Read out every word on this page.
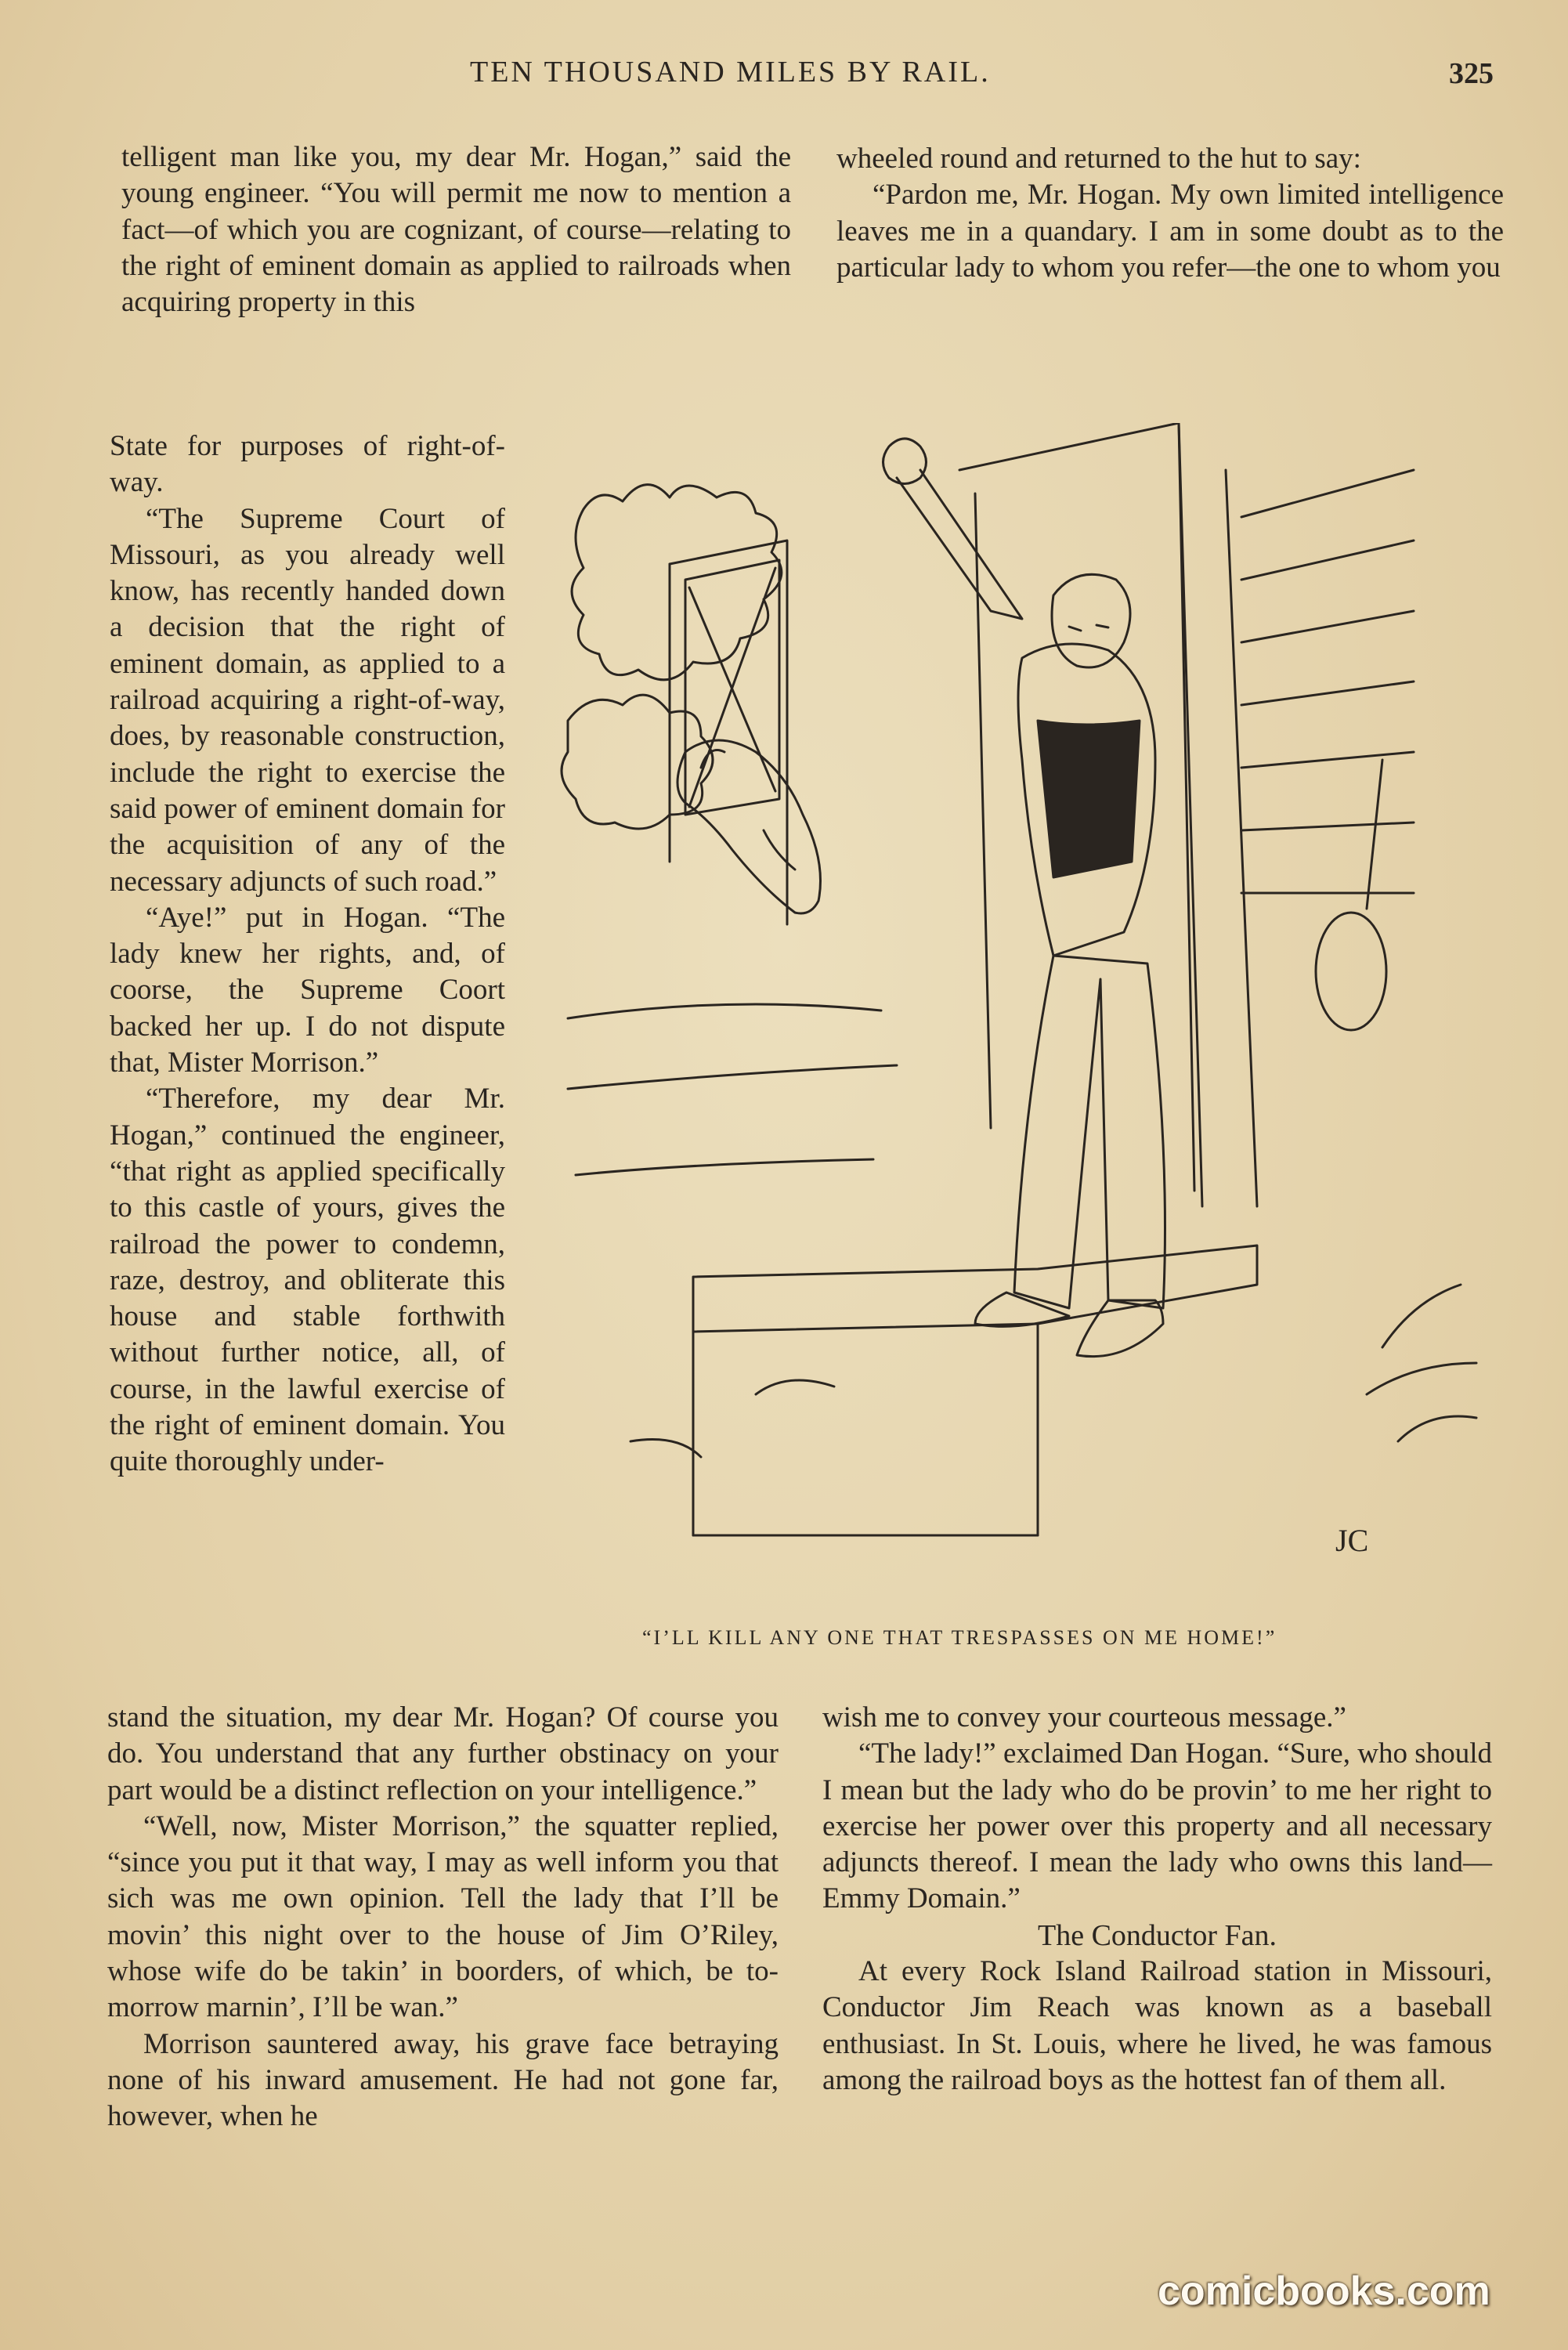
TEN THOUSAND MILES BY RAIL.	325

telligent man like you, my dear Mr. Hogan,” said the young engineer. “You will permit me now to mention a fact—of which you are cognizant, of course—relating to the right of eminent domain as applied to railroads when acquiring property in this

State for purposes of right-of-way.

“The Supreme Court of Missouri, as you already well know, has recently handed down a decision that the right of eminent domain, as applied to a railroad acquiring a right-of-way, does, by reasonable construction, include the right to exercise the said power of eminent domain for the acquisition of any of the necessary adjuncts of such road.”

“Aye!” put in Hogan. “The lady knew her rights, and, of coorse, the Supreme Coort backed her up. I do not dispute that, Mister Morrison.”

“Therefore, my dear Mr. Hogan,” continued the engineer, “that right as applied specifically to this castle of yours, gives the railroad the power to condemn, raze, destroy, and obliterate this house and stable forthwith without further notice, all, of course, in the lawful exercise of the right of eminent domain. You quite thoroughly under-

stand the situation, my dear Mr. Hogan? Of course you do. You understand that any further obstinacy on your part would be a distinct reflection on your intelligence.”

“Well, now, Mister Morrison,” the squatter replied, “since you put it that way, I may as well inform you that sich was me own opinion. Tell the lady that I’ll be movin’ this night over to the house of Jim O’Riley, whose wife do be takin’ in boorders, of which, be to-morrow marnin’, I’ll be wan.”

Morrison sauntered away, his grave face betraying none of his inward amusement. He had not gone far, however, when he

wheeled round and returned to the hut to say:

“Pardon me, Mr. Hogan. My own limited intelligence leaves me in a quandary. I am in some doubt as to the particular lady to whom you refer—the one to whom you

JC
“I’LL KILL ANY ONE THAT TRESPASSES ON ME HOME!”

wish me to convey your courteous message.”

“The lady!” exclaimed Dan Hogan. “Sure, who should I mean but the lady who do be provin’ to me her right to exercise her power over this property and all necessary adjuncts thereof. I mean the lady who owns this land—Emmy Domain.”

The Conductor Fan.

At every Rock Island Railroad station in Missouri, Conductor Jim Reach was known as a baseball enthusiast. In St. Louis, where he lived, he was famous among the railroad boys as the hottest fan of them all.

comicbooks.com
